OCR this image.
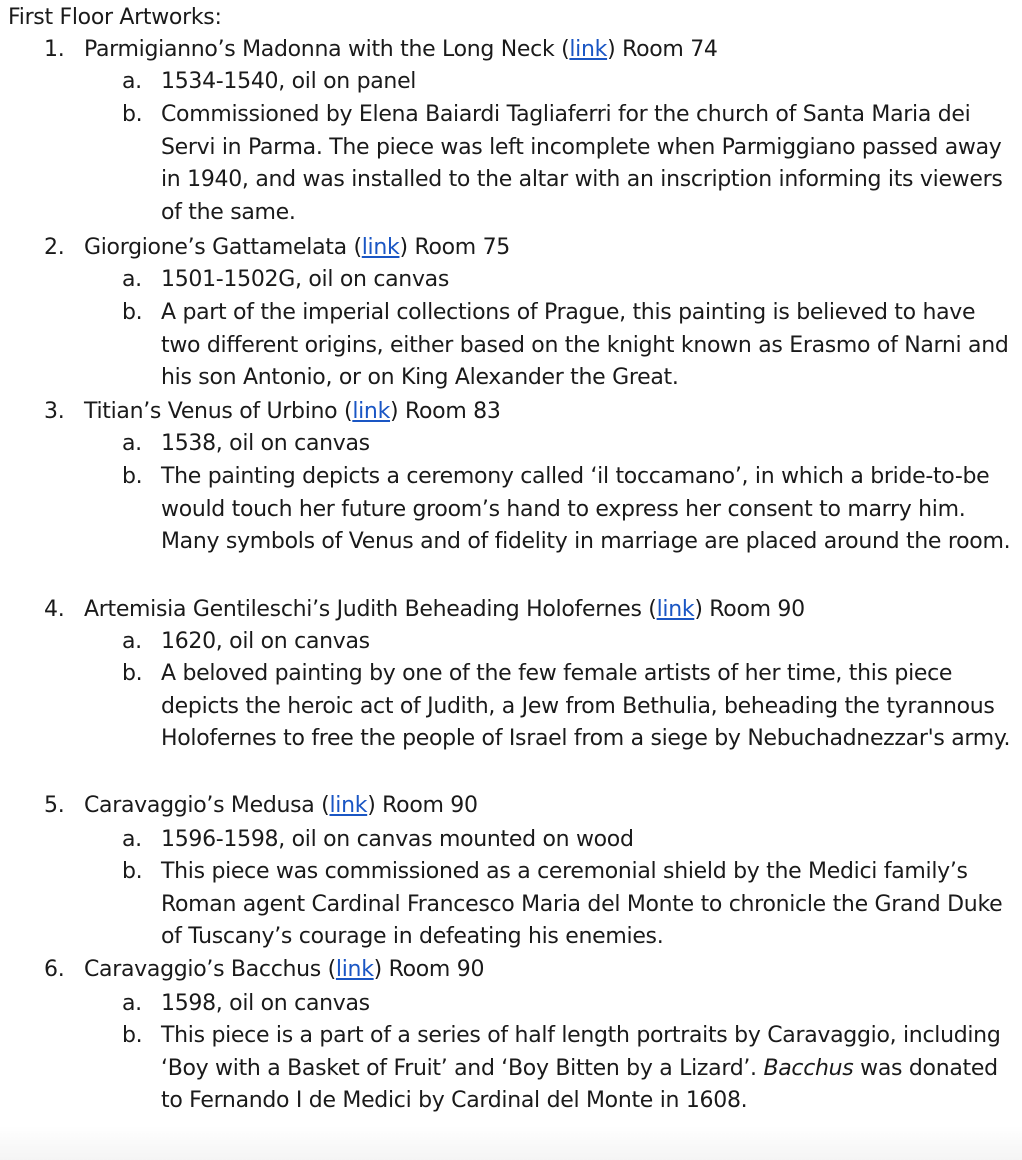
First Floor Artworks:
1. Parmigianno’s Madonna with the Long Neck (link) Room 74
a. 1534-1540, oil on panel
b. Commissioned by Elena Baiardi Tagliaferri for the church of Santa Maria dei Servi in Parma. The piece was left incomplete when Parmiggiano passed away in 1940, and was installed to the altar with an inscription informing its viewers of the same.
2. Giorgione’s Gattamelata (link) Room 75
a. 1501-1502G, oil on canvas
b. A part of the imperial collections of Prague, this painting is believed to have two different origins, either based on the knight known as Erasmo of Narni and his son Antonio, or on King Alexander the Great.
3. Titian’s Venus of Urbino (link) Room 83
a. 1538, oil on canvas
b. The painting depicts a ceremony called ‘il toccamano’, in which a bride-to-be would touch her future groom’s hand to express her consent to marry him. Many symbols of Venus and of fidelity in marriage are placed around the room.
4. Artemisia Gentileschi’s Judith Beheading Holofernes (link) Room 90
a. 1620, oil on canvas
b. A beloved painting by one of the few female artists of her time, this piece depicts the heroic act of Judith, a Jew from Bethulia, beheading the tyrannous Holofernes to free the people of Israel from a siege by Nebuchadnezzar's army.
5. Caravaggio’s Medusa (link) Room 90
a. 1596-1598, oil on canvas mounted on wood
b. This piece was commissioned as a ceremonial shield by the Medici family’s Roman agent Cardinal Francesco Maria del Monte to chronicle the Grand Duke of Tuscany’s courage in defeating his enemies.
6. Caravaggio’s Bacchus (link) Room 90
a. 1598, oil on canvas
b. This piece is a part of a series of half length portraits by Caravaggio, including ‘Boy with a Basket of Fruit’ and ‘Boy Bitten by a Lizard’. Bacchus was donated to Fernando I de Medici by Cardinal del Monte in 1608.
